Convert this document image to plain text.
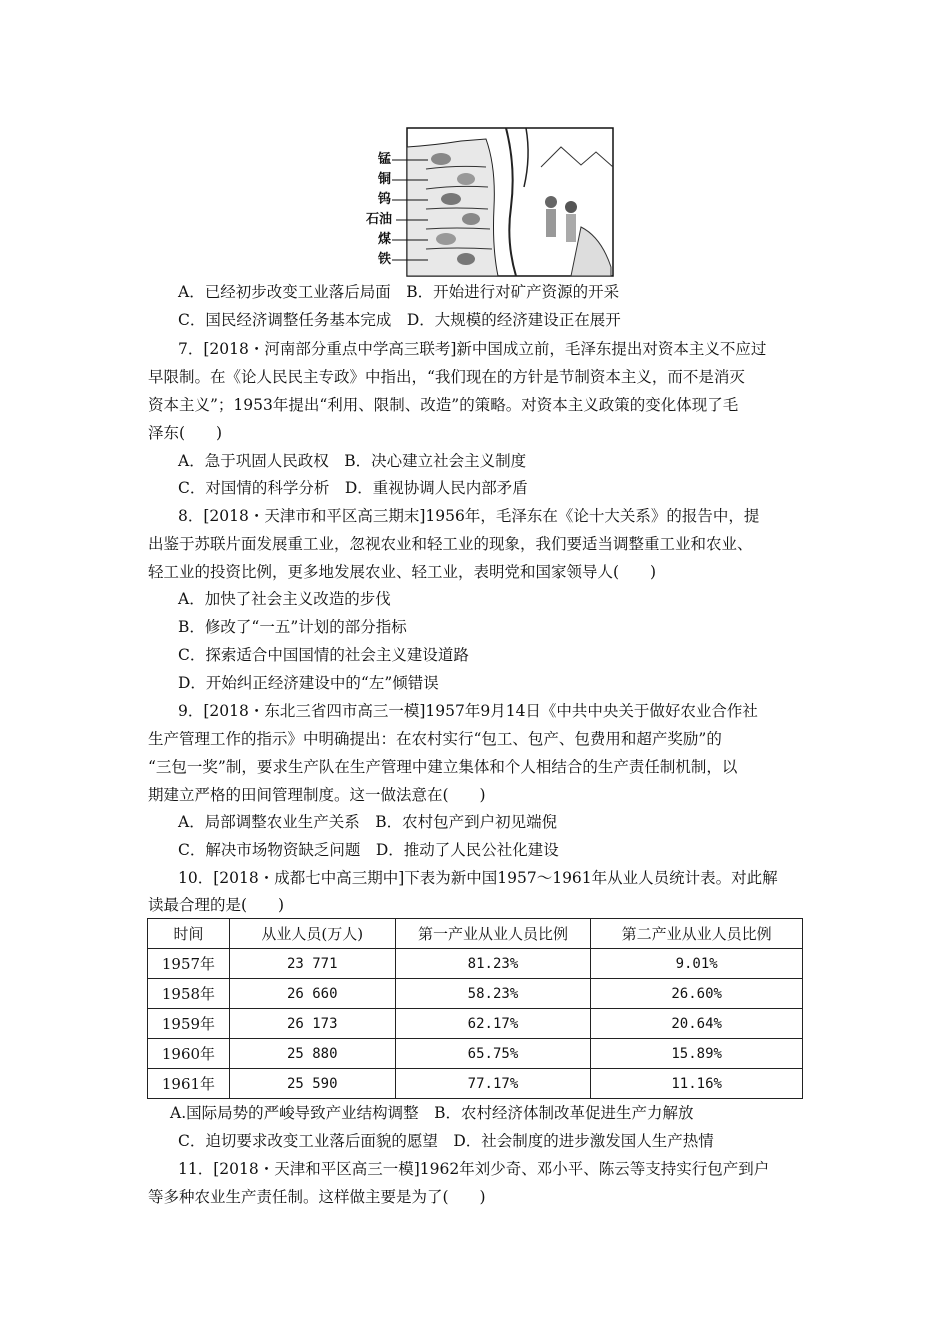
锰
铜
钨
石油
煤
铁
A．已经初步改变工业落后局面　B．开始进行对矿产资源的开采
C．国民经济调整任务基本完成　D．大规模的经济建设正在展开
7．[2018・河南部分重点中学高三联考]新中国成立前，毛泽东提出对资本主义不应过
早限制。在《论人民民主专政》中指出，“我们现在的方针是节制资本主义，而不是消灭
资本主义”；1953年提出“利用、限制、改造”的策略。对资本主义政策的变化体现了毛
泽东(　　)
A．急于巩固人民政权　B．决心建立社会主义制度
C．对国情的科学分析　D．重视协调人民内部矛盾
8．[2018・天津市和平区高三期末]1956年，毛泽东在《论十大关系》的报告中，提
出鉴于苏联片面发展重工业，忽视农业和轻工业的现象，我们要适当调整重工业和农业、
轻工业的投资比例，更多地发展农业、轻工业，表明党和国家领导人(　　)
A．加快了社会主义改造的步伐
B．修改了“一五”计划的部分指标
C．探索适合中国国情的社会主义建设道路
D．开始纠正经济建设中的“左”倾错误
9．[2018・东北三省四市高三一模]1957年9月14日《中共中央关于做好农业合作社
生产管理工作的指示》中明确提出：在农村实行“包工、包产、包费用和超产奖励”的
“三包一奖”制，要求生产队在生产管理中建立集体和个人相结合的生产责任制机制，以
期建立严格的田间管理制度。这一做法意在(　　)
A．局部调整农业生产关系　B．农村包产到户初见端倪
C．解决市场物资缺乏问题　D．推动了人民公社化建设
10．[2018・成都七中高三期中]下表为新中国1957～1961年从业人员统计表。对此解
读最合理的是(　　)
时间	从业人员(万人)	第一产业从业人员比例	第二产业从业人员比例
1957年	23 771	81.23%	9.01%
1958年	26 660	58.23%	26.60%
1959年	26 173	62.17%	20.64%
1960年	25 880	65.75%	15.89%
1961年	25 590	77.17%	11.16%
A.国际局势的严峻导致产业结构调整　B．农村经济体制改革促进生产力解放
C．迫切要求改变工业落后面貌的愿望　D．社会制度的进步激发国人生产热情
11．[2018・天津和平区高三一模]1962年刘少奇、邓小平、陈云等支持实行包产到户
等多种农业生产责任制。这样做主要是为了(　　)
